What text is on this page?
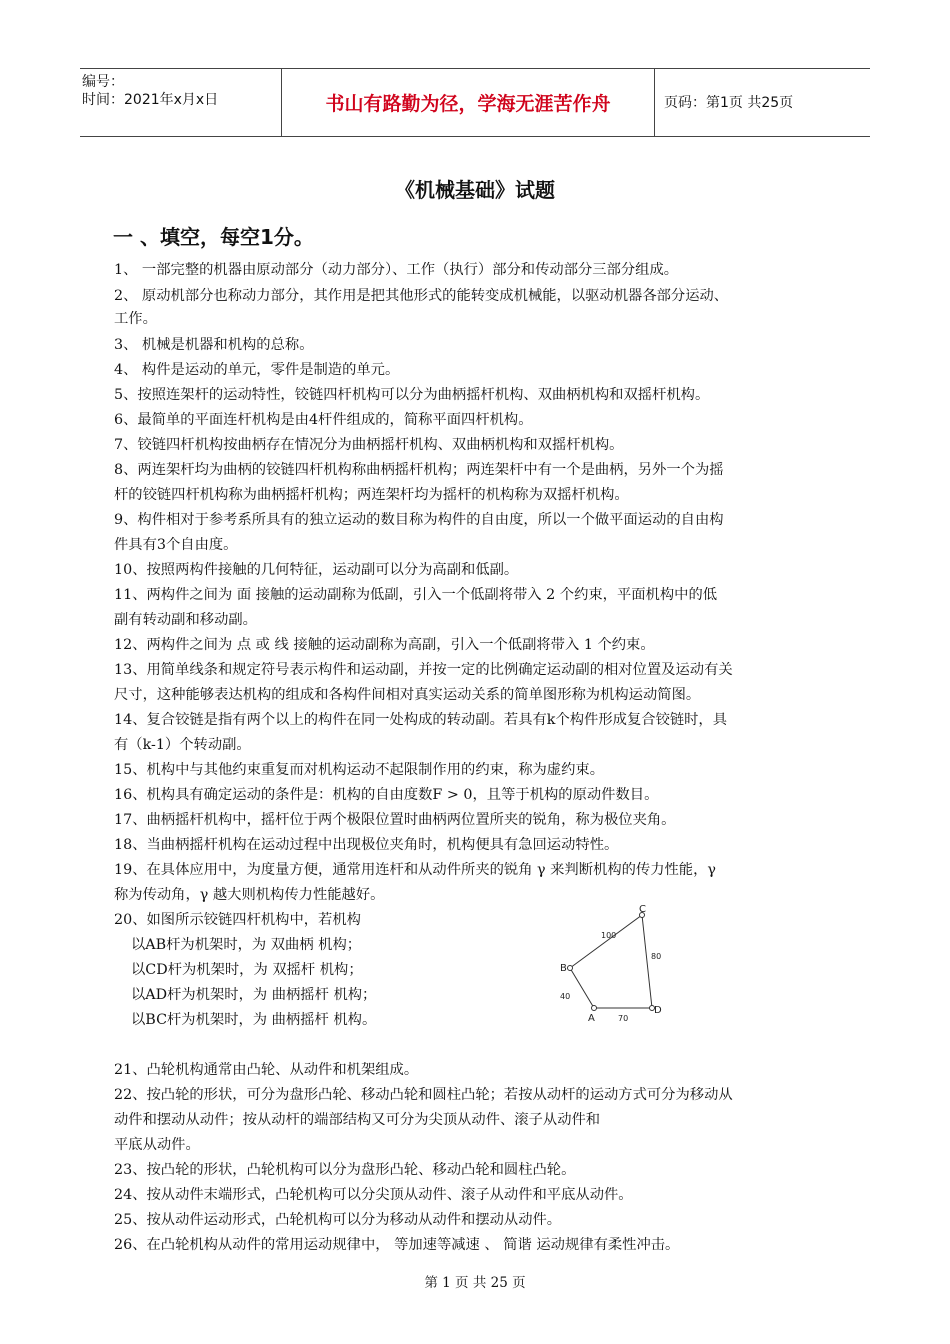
编号：
时间：2021年x月x日	书山有路勤为径，学海无涯苦作舟	页码：第1页 共25页
《机械基础》试题
一 、填空，每空1分。
1、 一部完整的机器由原动部分（动力部分）、工作（执行）部分和传动部分三部分组成。
2、 原动机部分也称动力部分，其作用是把其他形式的能转变成机械能，以驱动机器各部分运动、
工作。
3、 机械是机器和机构的总称。
4、 构件是运动的单元，零件是制造的单元。
5、按照连架杆的运动特性，铰链四杆机构可以分为曲柄摇杆机构、双曲柄机构和双摇杆机构。
6、最简单的平面连杆机构是由4杆件组成的，简称平面四杆机构。
7、铰链四杆机构按曲柄存在情况分为曲柄摇杆机构、双曲柄机构和双摇杆机构。
8、两连架杆均为曲柄的铰链四杆机构称曲柄摇杆机构；两连架杆中有一个是曲柄，另外一个为摇
杆的铰链四杆机构称为曲柄摇杆机构；两连架杆均为摇杆的机构称为双摇杆机构。
9、构件相对于参考系所具有的独立运动的数目称为构件的自由度，所以一个做平面运动的自由构
件具有3个自由度。
10、按照两构件接触的几何特征，运动副可以分为高副和低副。
11、两构件之间为 面 接触的运动副称为低副，引入一个低副将带入 2 个约束，平面机构中的低
副有转动副和移动副。
12、两构件之间为 点 或 线 接触的运动副称为高副，引入一个低副将带入 1 个约束。
13、用简单线条和规定符号表示构件和运动副，并按一定的比例确定运动副的相对位置及运动有关
尺寸，这种能够表达机构的组成和各构件间相对真实运动关系的简单图形称为机构运动简图。
14、复合铰链是指有两个以上的构件在同一处构成的转动副。若具有k个构件形成复合铰链时，具
有（k-1）个转动副。
15、机构中与其他约束重复而对机构运动不起限制作用的约束，称为虚约束。
16、机构具有确定运动的条件是：机构的自由度数F > 0，且等于机构的原动件数目。
17、曲柄摇杆机构中，摇杆位于两个极限位置时曲柄两位置所夹的锐角，称为极位夹角。
18、当曲柄摇杆机构在运动过程中出现极位夹角时，机构便具有急回运动特性。
19、在具体应用中，为度量方便，通常用连杆和从动件所夹的锐角 γ 来判断机构的传力性能，γ
称为传动角，γ 越大则机构传力性能越好。
20、如图所示铰链四杆机构中，若机构
以AB杆为机架时，为 双曲柄 机构；
以CD杆为机架时，为 双摇杆 机构；
以AD杆为机架时，为 曲柄摇杆 机构；
以BC杆为机架时，为 曲柄摇杆 机构。
C
B
A
D
100
80
40
70
21、凸轮机构通常由凸轮、从动件和机架组成。
22、按凸轮的形状，可分为盘形凸轮、移动凸轮和圆柱凸轮；若按从动杆的运动方式可分为移动从
动件和摆动从动件；按从动杆的端部结构又可分为尖顶从动件、滚子从动件和
平底从动件。
23、按凸轮的形状，凸轮机构可以分为盘形凸轮、移动凸轮和圆柱凸轮。
24、按从动件末端形式，凸轮机构可以分尖顶从动件、滚子从动件和平底从动件。
25、按从动件运动形式，凸轮机构可以分为移动从动件和摆动从动件。
26、在凸轮机构从动件的常用运动规律中， 等加速等减速 、 简谐 运动规律有柔性冲击。
第 1 页 共 25 页
